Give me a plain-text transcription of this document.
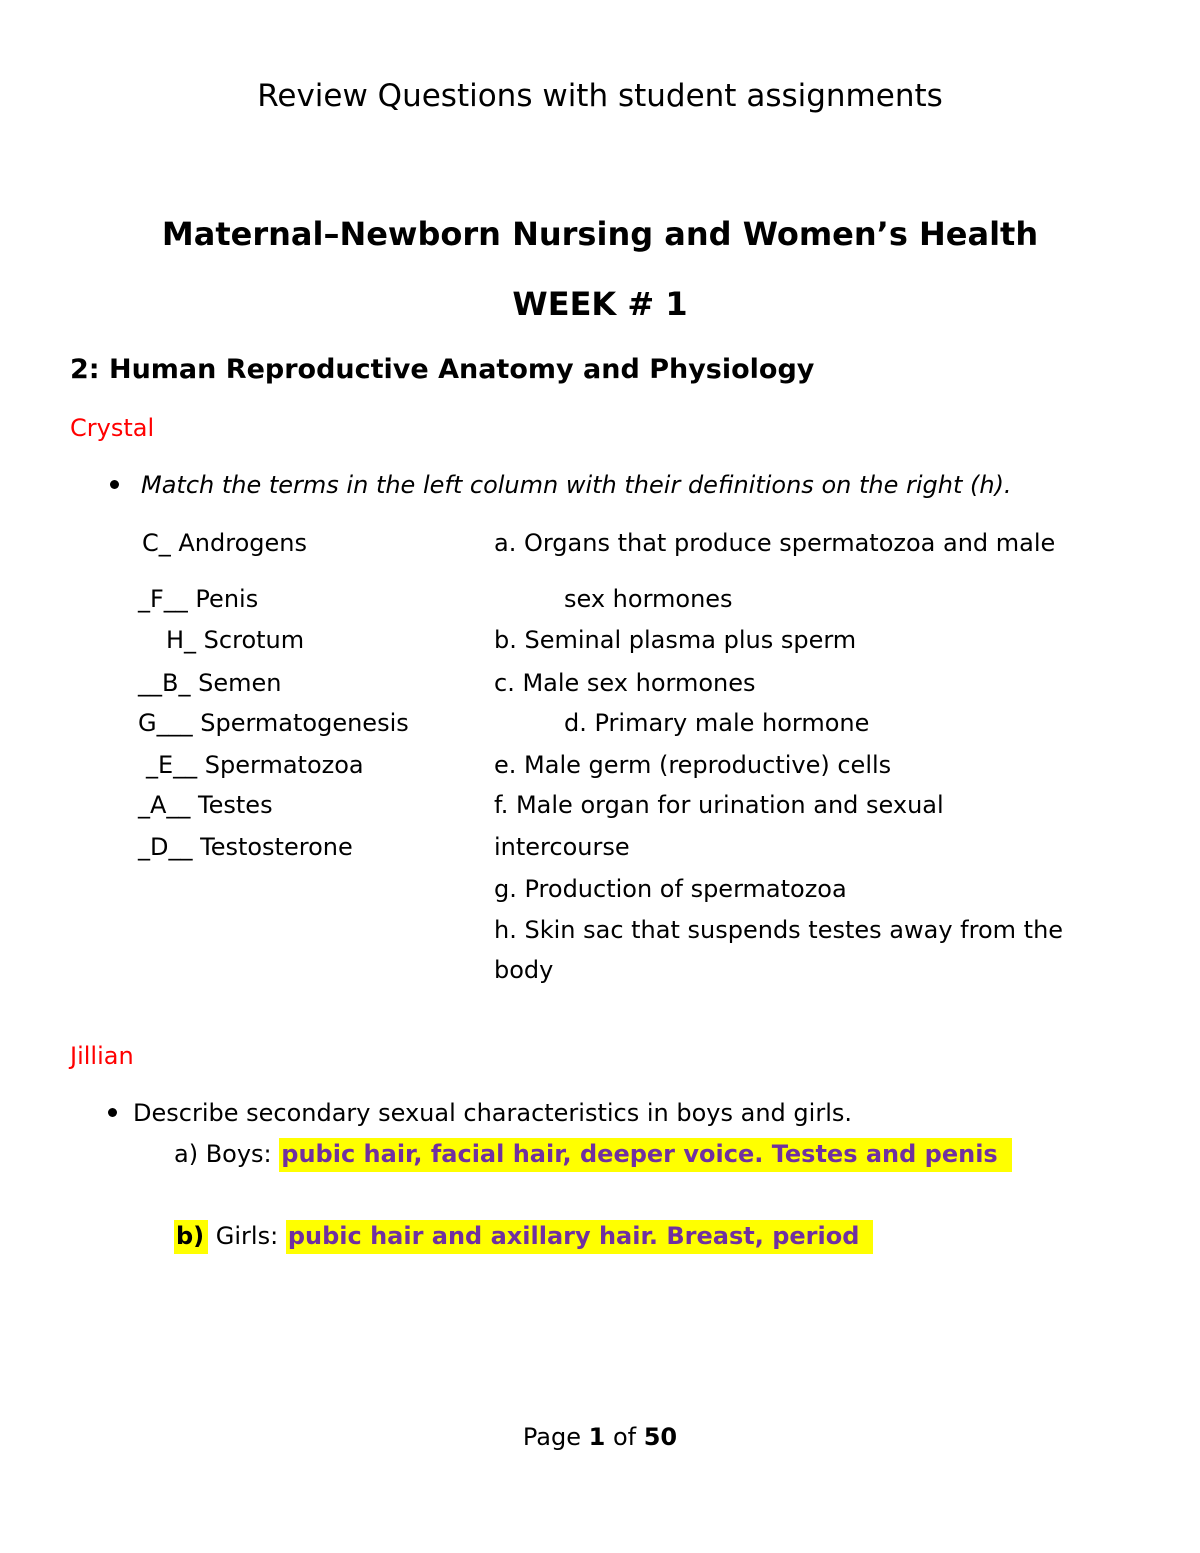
Review Questions with student assignments
Maternal–Newborn Nursing and Women’s Health
WEEK # 1
2: Human Reproductive Anatomy and Physiology
Crystal
Match the terms in the left column with their definitions on the right (h).
C_ Androgens
_F__ Penis
H_ Scrotum
__B_ Semen
G___ Spermatogenesis
_E__ Spermatozoa
_A__ Testes
_D__ Testosterone
a. Organs that produce spermatozoa and male
sex hormones
b. Seminal plasma plus sperm
c. Male sex hormones
d. Primary male hormone
e. Male germ (reproductive) cells
f. Male organ for urination and sexual
intercourse
g. Production of spermatozoa
h. Skin sac that suspends testes away from the
body
Jillian
Describe secondary sexual characteristics in boys and girls.
a) Boys: pubic hair, facial hair, deeper voice. Testes and penis
b) Girls: pubic hair and axillary hair. Breast, period
Page 1 of 50
